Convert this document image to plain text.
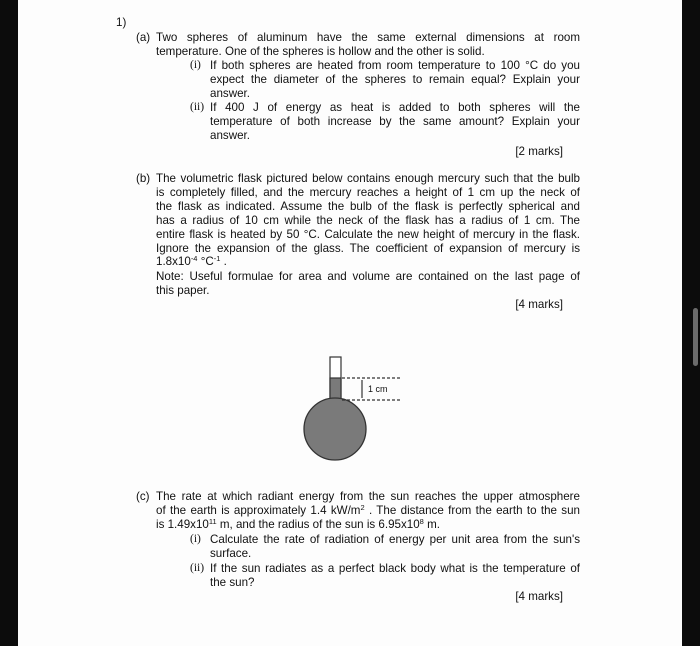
1)
(a) Two spheres of aluminum have the same external dimensions at room
temperature. One of the spheres is hollow and the other is solid.
(i) If both spheres are heated from room temperature to 100 °C do you
expect the diameter of the spheres to remain equal? Explain your
answer.
(ii) If 400 J of energy as heat is added to both spheres will the
temperature of both increase by the same amount? Explain your
answer.
[2 marks]
(b) The volumetric flask pictured below contains enough mercury such that the bulb
is completely filled, and the mercury reaches a height of 1 cm up the neck of
the flask as indicated. Assume the bulb of the flask is perfectly spherical and
has a radius of 10 cm while the neck of the flask has a radius of 1 cm. The
entire flask is heated by 50 °C. Calculate the new height of mercury in the flask.
Ignore the expansion of the glass. The coefficient of expansion of mercury is
$1.8x10^{-4}$ $^\circ C^{-1}$ .
Note: Useful formulae for area and volume are contained on the last page of
this paper.
[4 marks]
1 cm
(c) The rate at which radiant energy from the sun reaches the upper atmosphere
of the earth is approximately 1.4 $kW/m^2$ . The distance from the earth to the sun
is $1.49x10^{11}$ m, and the radius of the sun is $6.95x10^8$ m.
(i) Calculate the rate of radiation of energy per unit area from the sun's
surface.
(ii) If the sun radiates as a perfect black body what is the temperature of
the sun?
[4 marks]
